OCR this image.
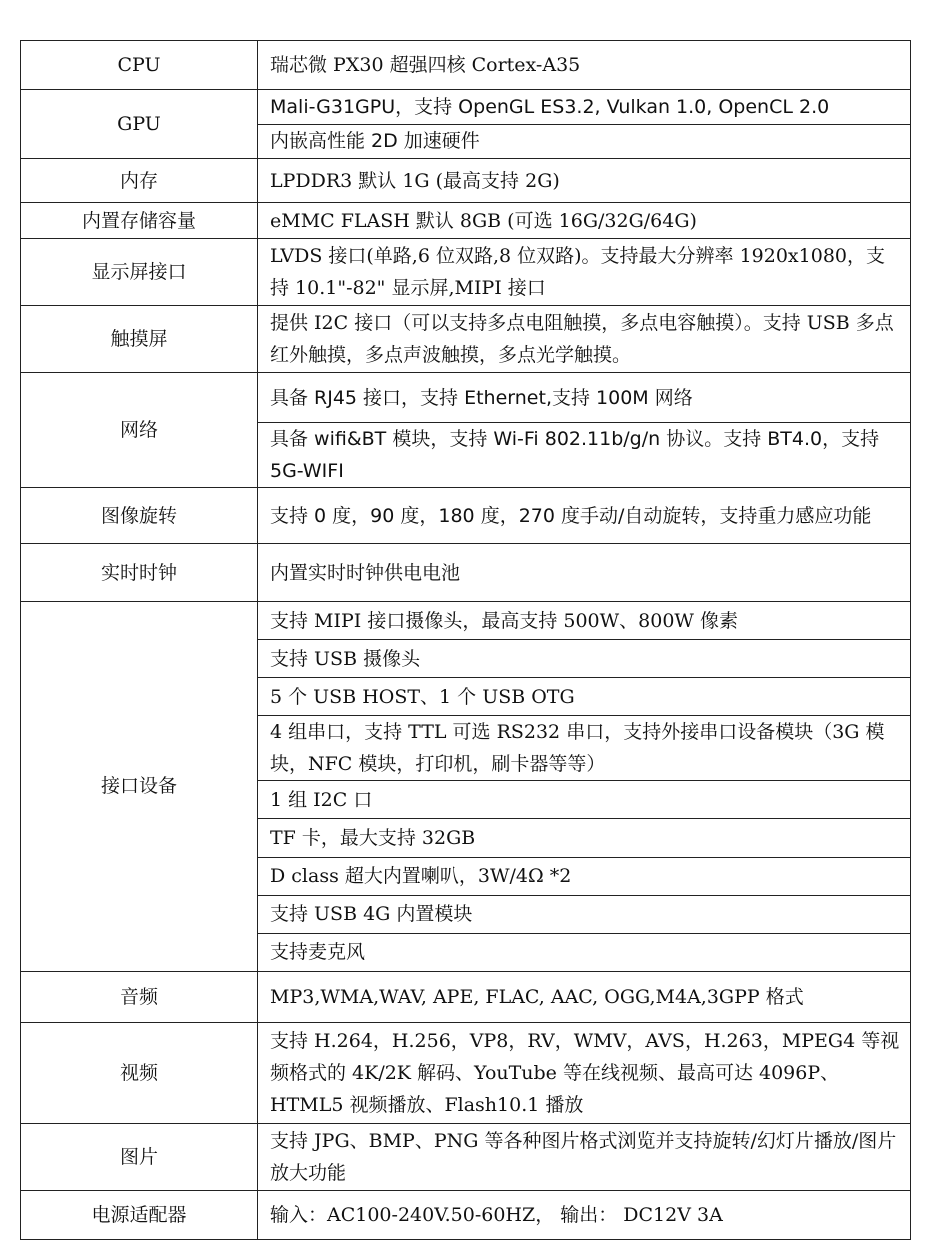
CPU	瑞芯微 PX30 超强四核 Cortex-A35
GPU	Mali-G31GPU，支持 OpenGL ES3.2, Vulkan 1.0, OpenCL 2.0
	内嵌高性能 2D 加速硬件
内存	LPDDR3 默认 1G (最高支持 2G)
内置存储容量	eMMC FLASH 默认 8GB (可选 16G/32G/64G)
显示屏接口	LVDS 接口(单路,6 位双路,8 位双路)。支持最大分辨率 1920x1080，支持 10.1"-82" 显示屏,MIPI 接口
触摸屏	提供 I2C 接口（可以支持多点电阻触摸，多点电容触摸）。支持 USB 多点红外触摸，多点声波触摸，多点光学触摸。
网络	具备 RJ45 接口，支持 Ethernet,支持 100M 网络
	具备 wifi&BT 模块，支持 Wi-Fi 802.11b/g/n 协议。支持 BT4.0，支持 5G-WIFI
图像旋转	支持 0 度，90 度，180 度，270 度手动/自动旋转，支持重力感应功能
实时时钟	内置实时时钟供电电池
接口设备	支持 MIPI 接口摄像头，最高支持 500W、800W 像素
	支持 USB 摄像头
	5 个 USB HOST、1 个 USB OTG
	4 组串口，支持 TTL 可选 RS232 串口，支持外接串口设备模块（3G 模块，NFC 模块，打印机，刷卡器等等）
	1 组 I2C 口
	TF 卡，最大支持 32GB
	D class 超大内置喇叭，3W/4Ω *2
	支持 USB 4G 内置模块
	支持麦克风
音频	MP3,WMA,WAV, APE, FLAC, AAC, OGG,M4A,3GPP 格式
视频	支持 H.264，H.256，VP8，RV，WMV，AVS，H.263，MPEG4 等视频格式的 4K/2K 解码、YouTube 等在线视频、最高可达 4096P、HTML5 视频播放、Flash10.1 播放
图片	支持 JPG、BMP、PNG 等各种图片格式浏览并支持旋转/幻灯片播放/图片放大功能
电源适配器	输入：AC100-240V.50-60HZ， 输出： DC12V 3A
